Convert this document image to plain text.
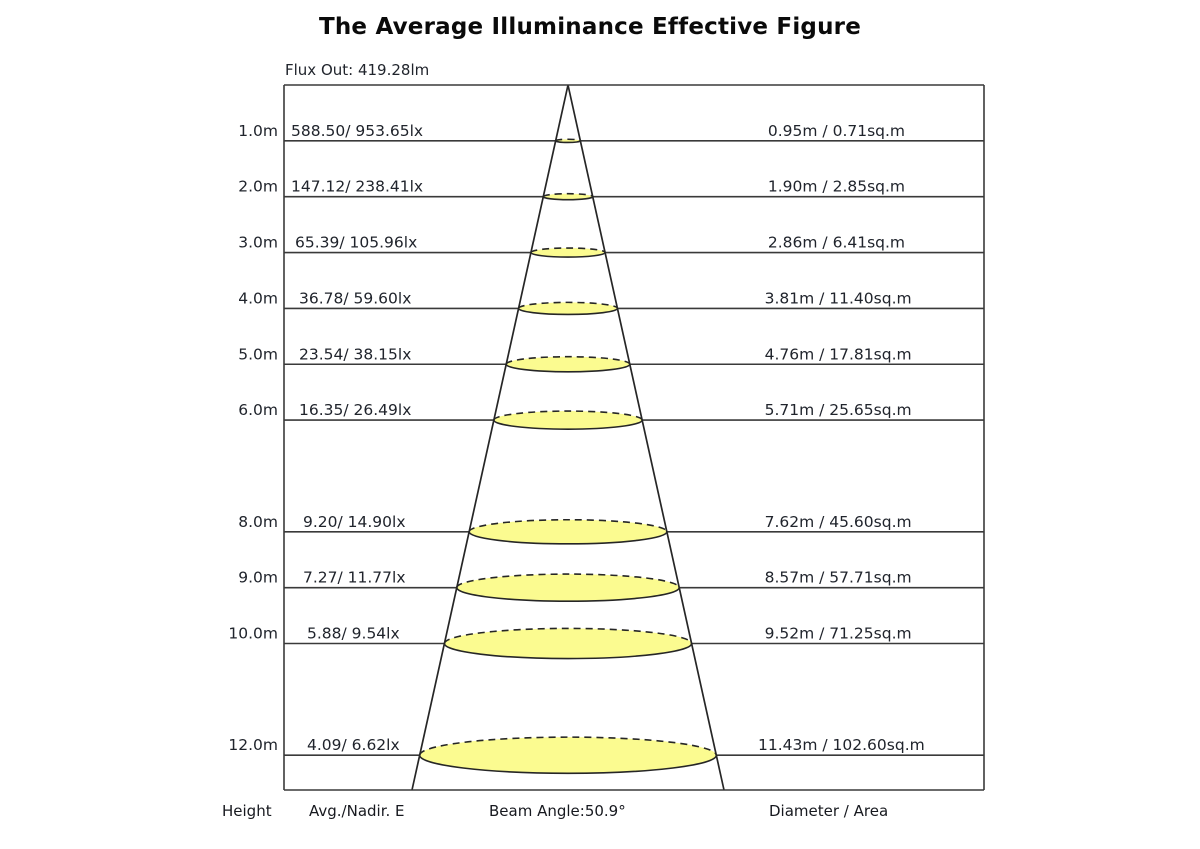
The Average Illuminance Effective Figure
Flux Out: 419.28lm
1.0m 588.50/ 953.65lx	0.95m / 0.71sq.m
2.0m 147.12/ 238.41lx	1.90m / 2.85sq.m
3.0m 65.39/ 105.96lx	2.86m / 6.41sq.m
4.0m 36.78/ 59.60lx	3.81m / 11.40sq.m
5.0m 23.54/ 38.15lx	4.76m / 17.81sq.m
6.0m 16.35/ 26.49lx	5.71m / 25.65sq.m
8.0m 9.20/ 14.90lx	7.62m / 45.60sq.m
9.0m 7.27/ 11.77lx	8.57m / 57.71sq.m
10.0m 5.88/ 9.54lx	9.52m / 71.25sq.m
12.0m 4.09/ 6.62lx	11.43m / 102.60sq.m
Height Avg./Nadir. E	Beam Angle:50.9°	Diameter / Area
